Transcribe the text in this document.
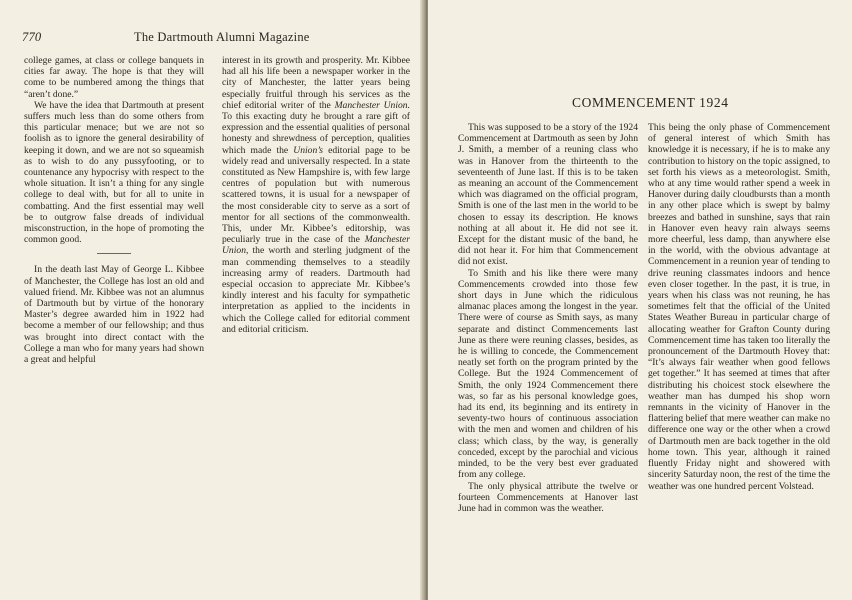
770	The Dartmouth Alumni Magazine

college games, at class or college banquets in cities far away. The hope is that they will come to be numbered among the things that “aren’t done.”

We have the idea that Dartmouth at present suffers much less than do some others from this particular menace; but we are not so foolish as to ignore the general desirability of keeping it down, and we are not so squeamish as to wish to do any pussyfooting, or to countenance any hypocrisy with respect to the whole situation. It isn’t a thing for any single college to deal with, but for all to unite in combatting. And the first essential may well be to outgrow false dreads of individual misconstruction, in the hope of promoting the common good.

In the death last May of George L. Kibbee of Manchester, the College has lost an old and valued friend. Mr. Kibbee was not an alumnus of Dartmouth but by virtue of the honorary Master’s degree awarded him in 1922 had become a member of our fellowship; and thus was brought into direct contact with the College a man who for many years had shown a great and helpful

interest in its growth and prosperity. Mr. Kibbee had all his life been a newspaper worker in the city of Manchester, the latter years being especially fruitful through his services as the chief editorial writer of the Manchester Union. To this exacting duty he brought a rare gift of expression and the essential qualities of personal honesty and shrewdness of perception, qualities which made the Union’s editorial page to be widely read and universally respected. In a state constituted as New Hampshire is, with few large centres of population but with numerous scattered towns, it is usual for a newspaper of the most considerable city to serve as a sort of mentor for all sections of the commonwealth. This, under Mr. Kibbee’s editorship, was peculiarly true in the case of the Manchester Union, the worth and sterling judgment of the man commending themselves to a steadily increasing army of readers. Dartmouth had especial occasion to appreciate Mr. Kibbee’s kindly interest and his faculty for sympathetic interpretation as applied to the incidents in which the College called for editorial comment and editorial criticism.

COMMENCEMENT 1924

This was supposed to be a story of the 1924 Commencement at Dartmouth as seen by John J. Smith, a member of a reuning class who was in Hanover from the thirteenth to the seventeenth of June last. If this is to be taken as meaning an account of the Commencement which was diagramed on the official program, Smith is one of the last men in the world to be chosen to essay its description. He knows nothing at all about it. He did not see it. Except for the distant music of the band, he did not hear it. For him that Commencement did not exist.

To Smith and his like there were many Commencements crowded into those few short days in June which the ridiculous almanac places among the longest in the year. There were of course as Smith says, as many separate and distinct Commencements last June as there were reuning classes, besides, as he is willing to concede, the Commencement neatly set forth on the program printed by the College. But the 1924 Commencement of Smith, the only 1924 Commencement there was, so far as his personal knowledge goes, had its end, its beginning and its entirety in seventy-two hours of continuous association with the men and women and children of his class; which class, by the way, is generally conceded, except by the parochial and vicious minded, to be the very best ever graduated from any college.

The only physical attribute the twelve or fourteen Commencements at Hanover last June had in common was the weather.

This being the only phase of Commencement of general interest of which Smith has knowledge it is necessary, if he is to make any contribution to history on the topic assigned, to set forth his views as a meteorologist. Smith, who at any time would rather spend a week in Hanover during daily cloudbursts than a month in any other place which is swept by balmy breezes and bathed in sunshine, says that rain in Hanover even heavy rain always seems more cheerful, less damp, than anywhere else in the world, with the obvious advantage at Commencement in a reunion year of tending to drive reuning classmates indoors and hence even closer together. In the past, it is true, in years when his class was not reuning, he has sometimes felt that the official of the United States Weather Bureau in particular charge of allocating weather for Grafton County during Commencement time has taken too literally the pronouncement of the Dartmouth Hovey that: “It’s always fair weather when good fellows get together.” It has seemed at times that after distributing his choicest stock elsewhere the weather man has dumped his shop worn remnants in the vicinity of Hanover in the flattering belief that mere weather can make no difference one way or the other when a crowd of Dartmouth men are back together in the old home town. This year, although it rained fluently Friday night and showered with sincerity Saturday noon, the rest of the time the weather was one hundred percent Volstead.
